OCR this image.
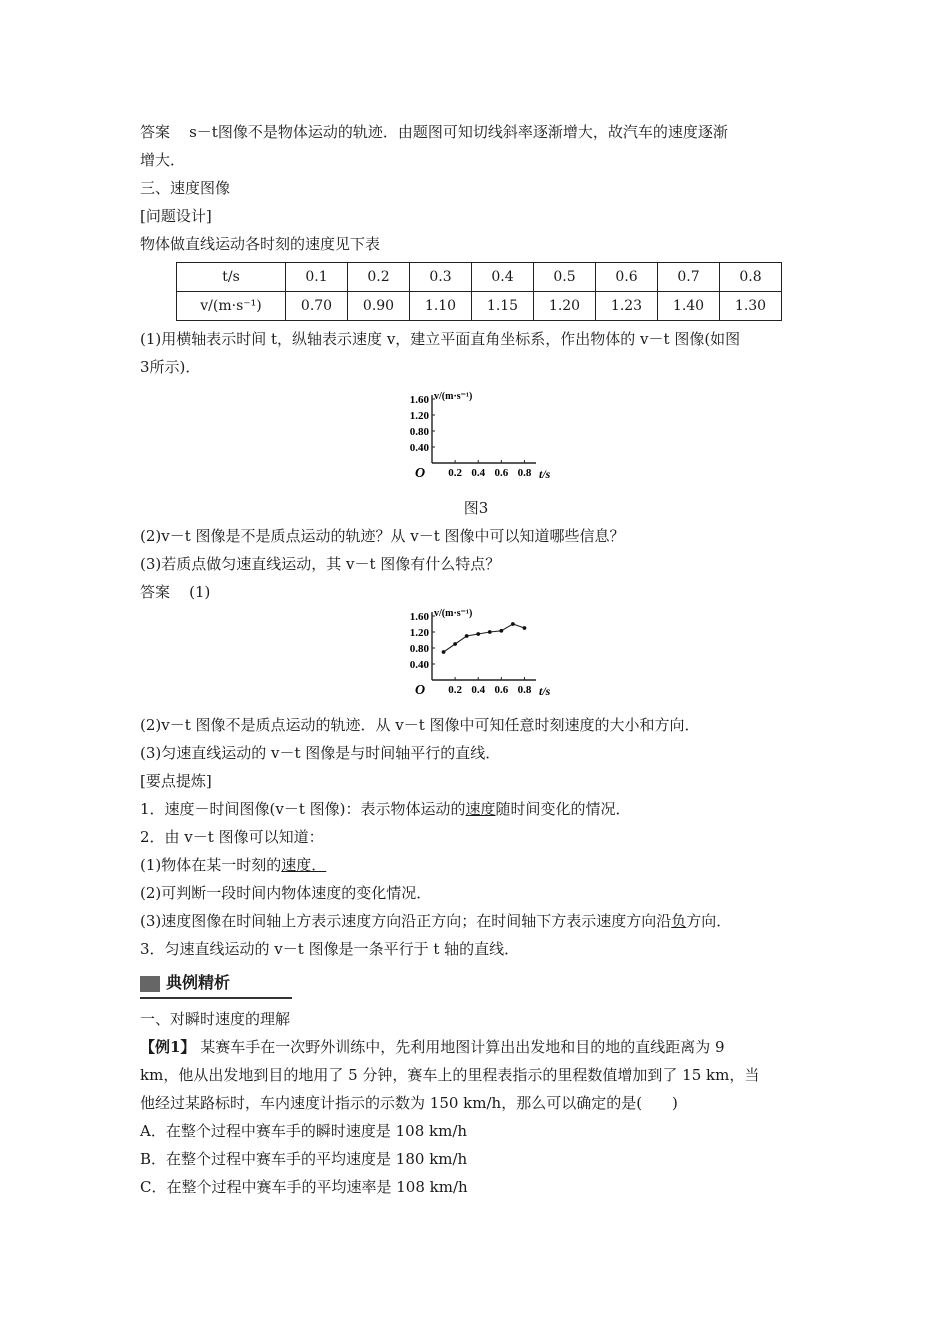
答案 s－t图像不是物体运动的轨迹．由题图可知切线斜率逐渐增大，故汽车的速度逐渐
增大．
三、速度图像
[问题设计]
物体做直线运动各时刻的速度见下表
t/s	0.1	0.2	0.3	0.4	0.5	0.6	0.7	0.8
v/(m·s⁻¹)	0.70	0.90	1.10	1.15	1.20	1.23	1.40	1.30
(1)用横轴表示时间 t，纵轴表示速度 v，建立平面直角坐标系，作出物体的 v－t 图像(如图
3所示)．
1.60
1.20
0.80
0.40
0.2 0.4 0.6 0.8
O	t/s
v/(m·s⁻¹)
图3
(2)v－t 图像是不是质点运动的轨迹？从 v－t 图像中可以知道哪些信息？
(3)若质点做匀速直线运动，其 v－t 图像有什么特点？
答案 (1)
1.60
1.20
0.80
0.40
0.2 0.4 0.6 0.8
O	t/s
v/(m·s⁻¹)
(2)v－t 图像不是质点运动的轨迹．从 v－t 图像中可知任意时刻速度的大小和方向．
(3)匀速直线运动的 v－t 图像是与时间轴平行的直线．
[要点提炼]
1．速度－时间图像(v－t 图像)：表示物体运动的速度随时间变化的情况．
2．由 v－t 图像可以知道：
(1)物体在某一时刻的速度．
(2)可判断一段时间内物体速度的变化情况．
(3)速度图像在时间轴上方表示速度方向沿正方向；在时间轴下方表示速度方向沿负方向．
3．匀速直线运动的 v－t 图像是一条平行于 t 轴的直线．
典例精析
一、对瞬时速度的理解
【例1】 某赛车手在一次野外训练中，先利用地图计算出出发地和目的地的直线距离为 9
km，他从出发地到目的地用了 5 分钟，赛车上的里程表指示的里程数值增加到了 15 km，当
他经过某路标时，车内速度计指示的示数为 150 km/h，那么可以确定的是(　　)
A．在整个过程中赛车手的瞬时速度是 108 km/h
B．在整个过程中赛车手的平均速度是 180 km/h
C．在整个过程中赛车手的平均速率是 108 km/h
